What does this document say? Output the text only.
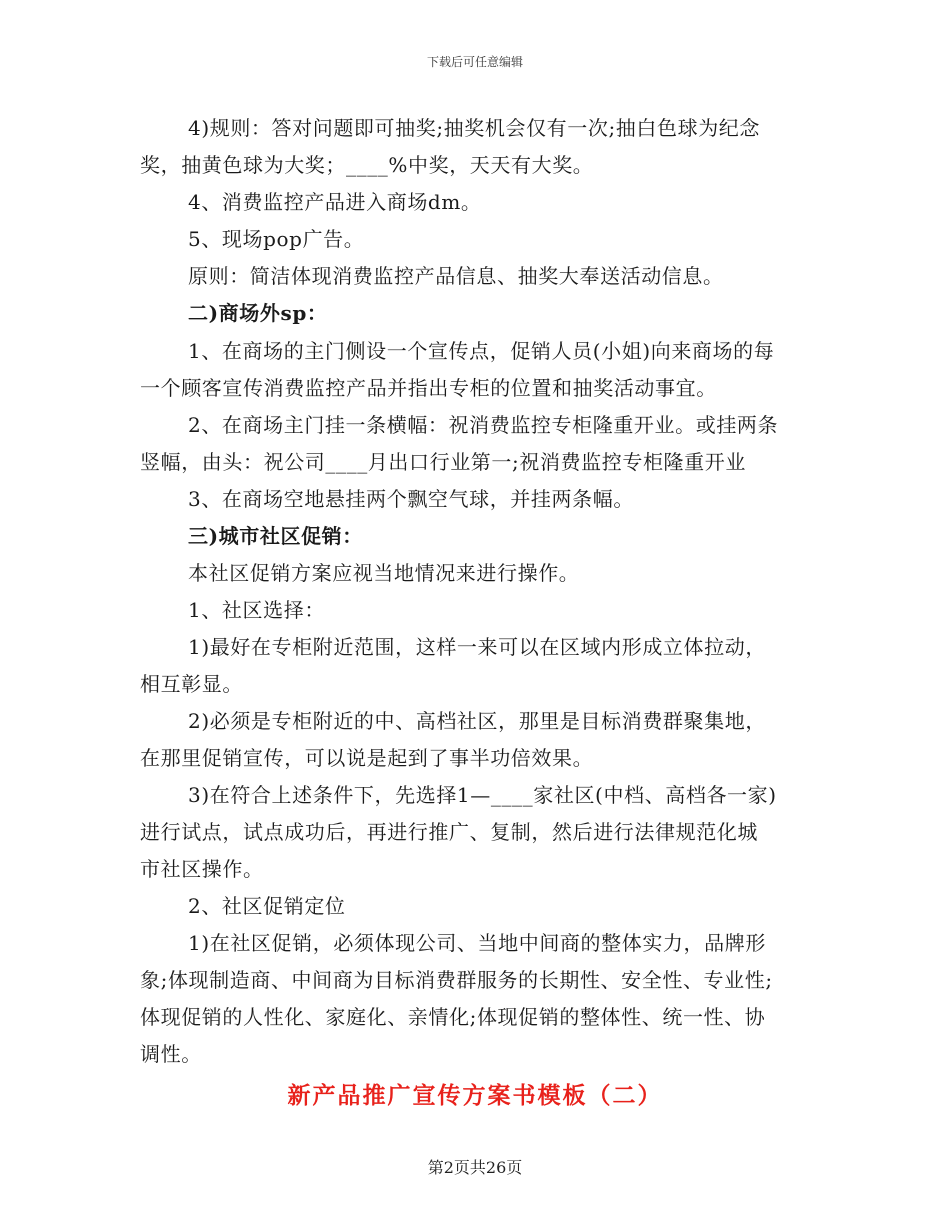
下载后可任意编辑
4)规则：答对问题即可抽奖;抽奖机会仅有一次;抽白色球为纪念
奖，抽黄色球为大奖；____%中奖，天天有大奖。
4、消费监控产品进入商场dm。
5、现场pop广告。
原则：简洁体现消费监控产品信息、抽奖大奉送活动信息。
二)商场外sp：
1、在商场的主门侧设一个宣传点，促销人员(小姐)向来商场的每
一个顾客宣传消费监控产品并指出专柜的位置和抽奖活动事宜。
2、在商场主门挂一条横幅：祝消费监控专柜隆重开业。或挂两条
竖幅，由头：祝公司____月出口行业第一;祝消费监控专柜隆重开业
3、在商场空地悬挂两个飘空气球，并挂两条幅。
三)城市社区促销：
本社区促销方案应视当地情况来进行操作。
1、社区选择：
1)最好在专柜附近范围，这样一来可以在区域内形成立体拉动，
相互彰显。
2)必须是专柜附近的中、高档社区，那里是目标消费群聚集地，
在那里促销宣传，可以说是起到了事半功倍效果。
3)在符合上述条件下，先选择1—____家社区(中档、高档各一家)
进行试点，试点成功后，再进行推广、复制，然后进行法律规范化城
市社区操作。
2、社区促销定位
1)在社区促销，必须体现公司、当地中间商的整体实力，品牌形
象;体现制造商、中间商为目标消费群服务的长期性、安全性、专业性;
体现促销的人性化、家庭化、亲情化;体现促销的整体性、统一性、协
调性。
新产品推广宣传方案书模板（二）
第2页共26页
